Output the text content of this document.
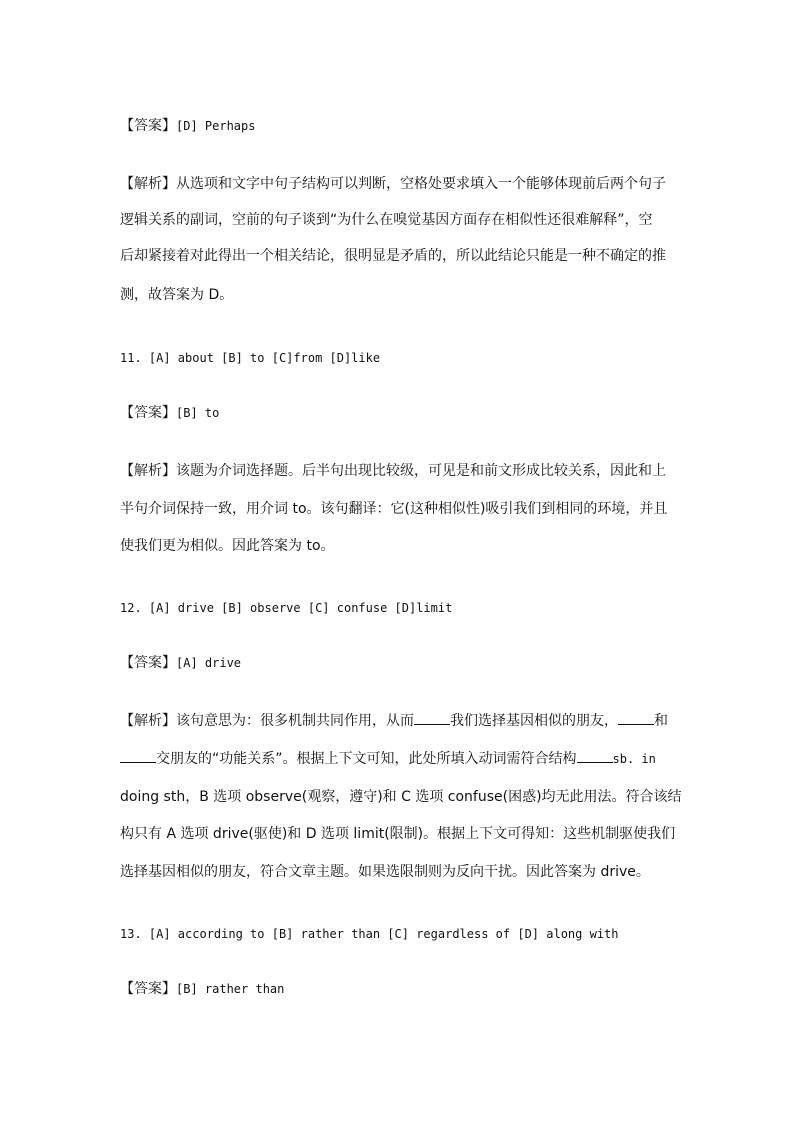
【答案】[D] Perhaps
【解析】从选项和文字中句子结构可以判断，空格处要求填入一个能够体现前后两个句子
逻辑关系的副词，空前的句子谈到“为什么在嗅觉基因方面存在相似性还很难解释”，空
后却紧接着对此得出一个相关结论，很明显是矛盾的，所以此结论只能是一种不确定的推
测，故答案为 D。
11. [A] about [B] to [C]from [D]like
【答案】[B] to
【解析】该题为介词选择题。后半句出现比较级，可见是和前文形成比较关系，因此和上
半句介词保持一致，用介词 to。该句翻译：它(这种相似性)吸引我们到相同的环境，并且
使我们更为相似。因此答案为 to。
12. [A] drive [B] observe [C] confuse [D]limit
【答案】[A] drive
【解析】该句意思为：很多机制共同作用，从而	我们选择基因相似的朋友，	和
交朋友的“功能关系”。根据上下文可知，此处所填入动词需符合结构	sb. in
doing sth，B 选项 observe(观察，遵守)和 C 选项 confuse(困惑)均无此用法。符合该结
构只有 A 选项 drive(驱使)和 D 选项 limit(限制)。根据上下文可得知：这些机制驱使我们
选择基因相似的朋友，符合文章主题。如果选限制则为反向干扰。因此答案为 drive。
13. [A] according to [B] rather than [C] regardless of [D] along with
【答案】[B] rather than
